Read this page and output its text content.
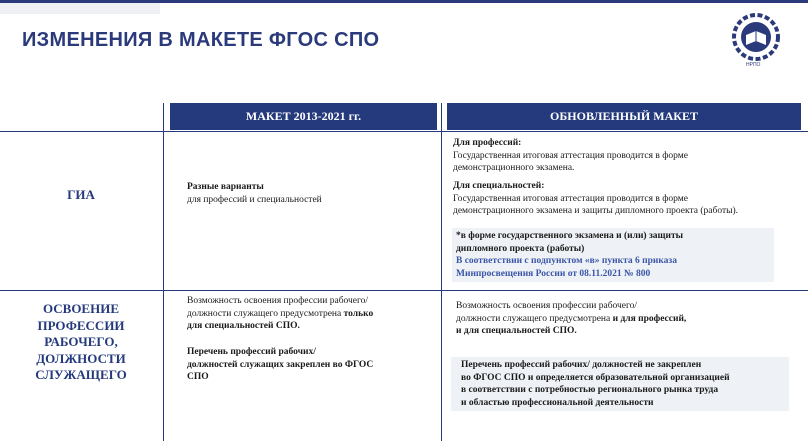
ИЗМЕНЕНИЯ В МАКЕТЕ ФГОС СПО
НРПО
МАКЕТ 2013-2021 гг.	ОБНОВЛЕННЫЙ МАКЕТ
ГИА	Разные варианты
для профессий и специальностей
Для профессий:
Государственная итоговая аттестация проводится в форме
демонстрационного экзамена.
Для специальностей:
Государственная итоговая аттестация проводится в форме
демонстрационного экзамена и защиты дипломного проекта (работы).
*в форме государственного экзамена и (или) защиты
дипломного проекта (работы)
В соответствии с подпунктом «в» пункта 6 приказа
Минпросвещения России от 08.11.2021 № 800
ОСВОЕНИЕ
ПРОФЕССИИ
РАБОЧЕГО,
ДОЛЖНОСТИ
СЛУЖАЩЕГО
Возможность освоения профессии рабочего/
должности служащего предусмотрена только
для специальностей СПО.
Перечень профессий рабочих/
должностей служащих закреплен во ФГОС
СПО
Возможность освоения профессии рабочего/
должности служащего предусмотрена и для профессий,
и для специальностей СПО.
Перечень профессий рабочих/ должностей не закреплен
во ФГОС СПО и определяется образовательной организацией
в соответствии с потребностью регионального рынка труда
и областью профессиональной деятельности
